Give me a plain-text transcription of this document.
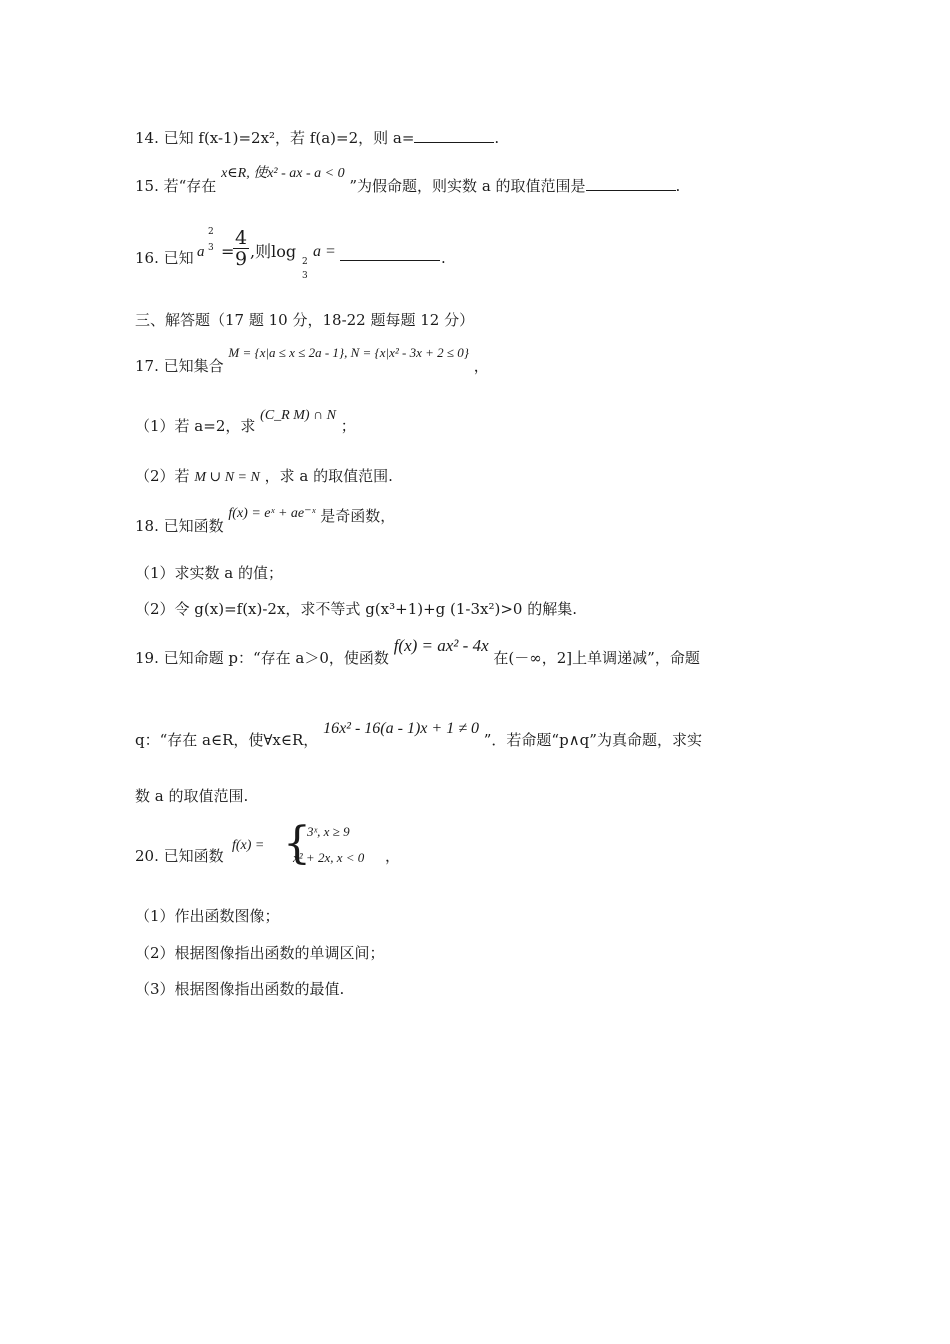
14. 已知 f(x-1)=2x²，若 f(a)=2，则 a=	.
15. 若“存在 x∈R, 使x² - ax - a < 0 ”为假命题，则实数 a 的取值范围是	.
16. 已知 a
2
3 =
$\frac{4}{9}$ ,则log
2
3
a =	.
三、解答题（17 题 10 分，18-22 题每题 12 分）
17. 已知集合 M = {x|a ≤ x ≤ 2a - 1}, N = {x|x² - 3x + 2 ≤ 0} ，
（1）若 a=2，求 (C_R M) ∩ N ；
（2）若 M ∪ N = N ，求 a 的取值范围.
18. 已知函数 f(x) = eˣ + ae⁻ˣ 是奇函数，
（1）求实数 a 的值；
（2）令 g(x)=f(x)-2x，求不等式 g(x³+1)+g (1-3x²)>0 的解集.
19. 已知命题 p：“存在 a＞0，使函数 f(x) = ax² - 4x 在(－∞，2]上单调递减”，命题
q：“存在 a∈R，使∀x∈R， 16x² - 16(a - 1)x + 1 ≠ 0 ”．若命题“p∧q”为真命题，求实
数 a 的取值范围.
20. 已知函数
f(x) = {
3ˣ, x ≥ 9
x² + 2x, x < 0 ，
（1）作出函数图像；
（2）根据图像指出函数的单调区间；
（3）根据图像指出函数的最值.
